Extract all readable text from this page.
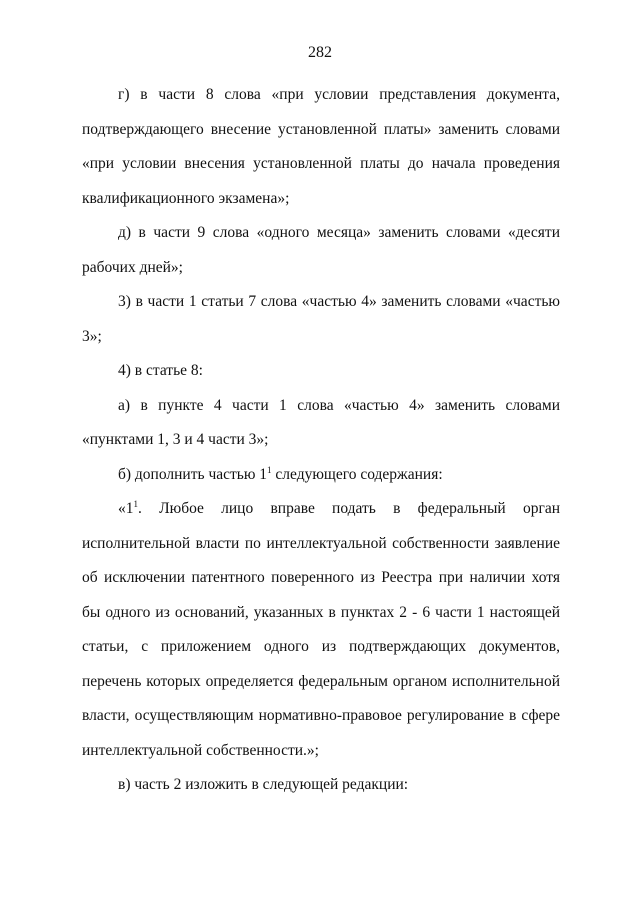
282

г) в части 8 слова «при условии представления документа, подтверждающего внесение установленной платы» заменить словами «при условии внесения установленной платы до начала проведения квалификационного экзамена»;

д) в части 9 слова «одного месяца» заменить словами «десяти рабочих дней»;

3) в части 1 статьи 7 слова «частью 4» заменить словами «частью 3»;

4) в статье 8:

а) в пункте 4 части 1 слова «частью 4» заменить словами «пунктами 1, 3 и 4 части 3»;

б) дополнить частью $1^1$ следующего содержания:

«$1^1$. Любое лицо вправе подать в федеральный орган исполнительной власти по интеллектуальной собственности заявление об исключении патентного поверенного из Реестра при наличии хотя бы одного из оснований, указанных в пунктах 2 - 6 части 1 настоящей статьи, с приложением одного из подтверждающих документов, перечень которых определяется федеральным органом исполнительной власти, осуществляющим нормативно-правовое регулирование в сфере интеллектуальной собственности.»;

в) часть 2 изложить в следующей редакции:
